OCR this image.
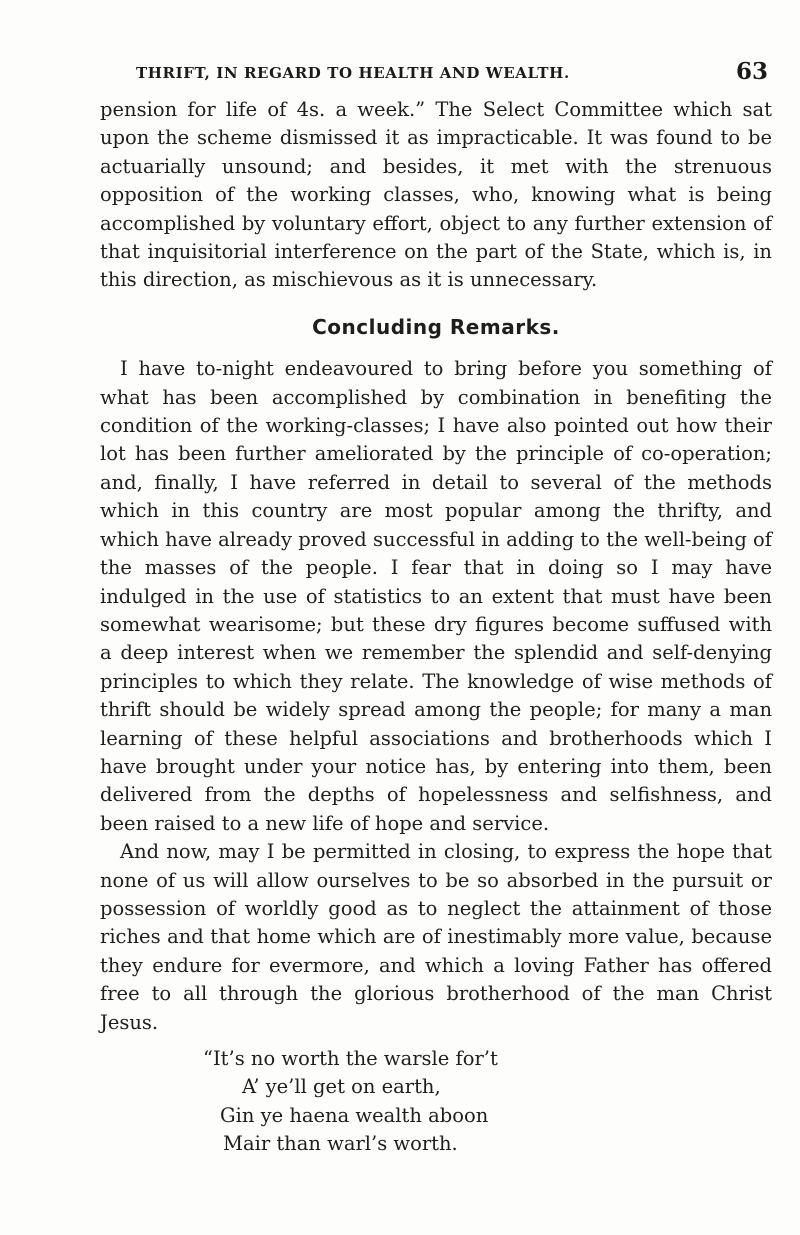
THRIFT, IN REGARD TO HEALTH AND WEALTH.	63

pension for life of 4s. a week.” The Select Committee which sat upon the scheme dismissed it as impracticable. It was found to be actuarially unsound; and besides, it met with the strenuous opposition of the working classes, who, knowing what is being accomplished by voluntary effort, object to any further extension of that inquisitorial interference on the part of the State, which is, in this direction, as mischievous as it is unnecessary.

Concluding Remarks.

I have to-night endeavoured to bring before you something of what has been accomplished by combination in benefiting the condition of the working-classes; I have also pointed out how their lot has been further ameliorated by the principle of co-operation; and, finally, I have referred in detail to several of the methods which in this country are most popular among the thrifty, and which have already proved successful in adding to the well-being of the masses of the people. I fear that in doing so I may have indulged in the use of statistics to an extent that must have been somewhat wearisome; but these dry figures become suffused with a deep interest when we remember the splendid and self-denying principles to which they relate. The knowledge of wise methods of thrift should be widely spread among the people; for many a man learning of these helpful associations and brotherhoods which I have brought under your notice has, by entering into them, been delivered from the depths of hopelessness and selfishness, and been raised to a new life of hope and service.

And now, may I be permitted in closing, to express the hope that none of us will allow ourselves to be so absorbed in the pursuit or possession of worldly good as to neglect the attainment of those riches and that home which are of inestimably more value, because they endure for evermore, and which a loving Father has offered free to all through the glorious brotherhood of the man Christ Jesus.

“It’s no worth the warsle for’t
A’ ye’ll get on earth,
Gin ye haena wealth aboon
Mair than warl’s worth.
